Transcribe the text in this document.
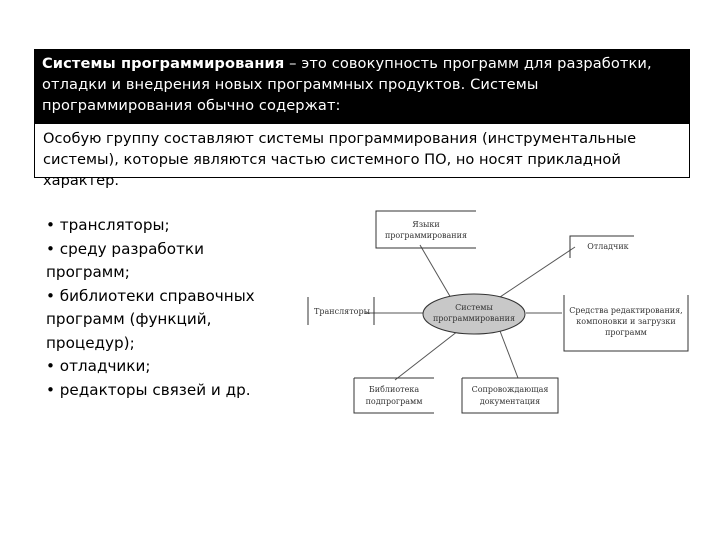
Системы программирования – это совокупность программ для разработки, отладки и внедрения новых программных продуктов. Системы программирования обычно содержат:
Особую группу составляют системы программирования (инструментальные системы), которые являются частью системного ПО, но носят прикладной характер.
• трансляторы;
• среду разработки программ;
• библиотеки справочных программ (функций, процедур);
• отладчики;
• редакторы связей и др.
Языки
программирования
Отладчик
Трансляторы	Средства редактирования,
компоновки и загрузки
программ
Библиотека
подпрограмм
Сопровождающая
документация
Системы
программирования
